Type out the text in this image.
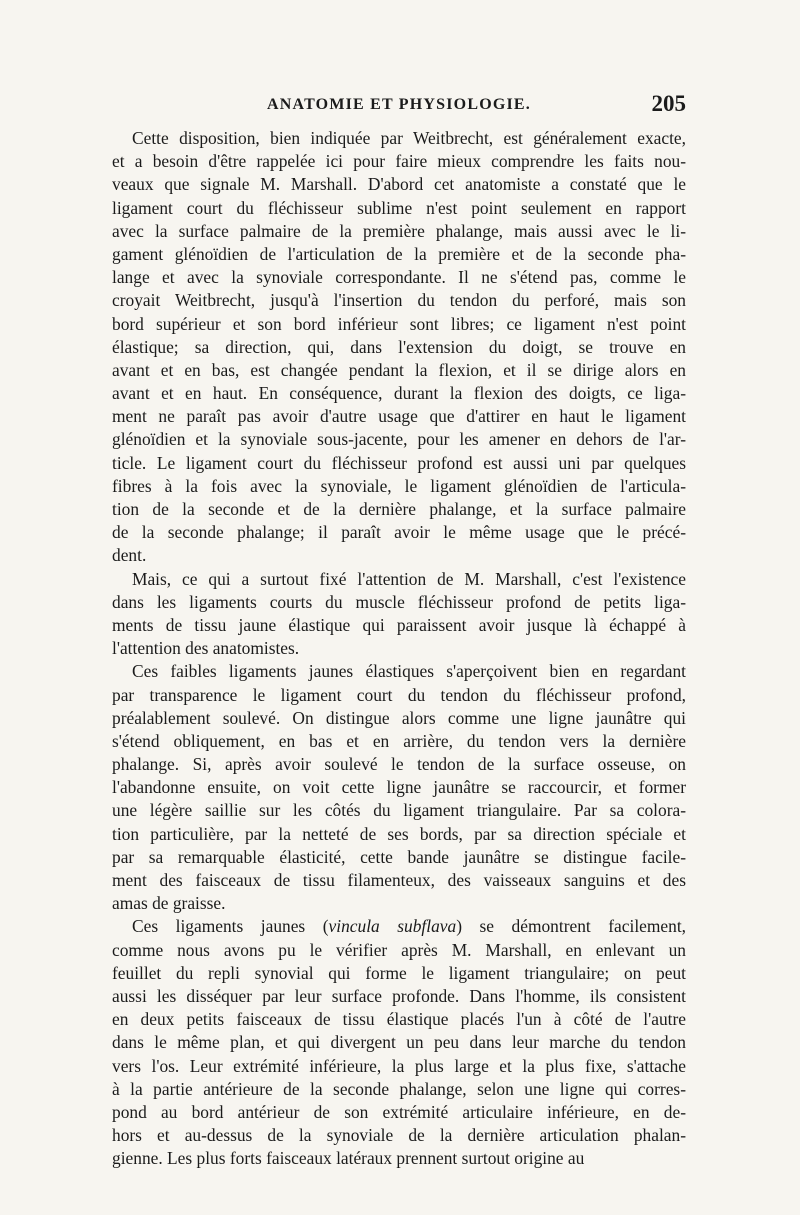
ANATOMIE ET PHYSIOLOGIE.	205
Cette disposition, bien indiquée par Weitbrecht, est généralement exacte,
et a besoin d'être rappelée ici pour faire mieux comprendre les faits nou-
veaux que signale M. Marshall. D'abord cet anatomiste a constaté que le
ligament court du fléchisseur sublime n'est point seulement en rapport
avec la surface palmaire de la première phalange, mais aussi avec le li-
gament glénoïdien de l'articulation de la première et de la seconde pha-
lange et avec la synoviale correspondante. Il ne s'étend pas, comme le
croyait Weitbrecht, jusqu'à l'insertion du tendon du perforé, mais son
bord supérieur et son bord inférieur sont libres; ce ligament n'est point
élastique; sa direction, qui, dans l'extension du doigt, se trouve en
avant et en bas, est changée pendant la flexion, et il se dirige alors en
avant et en haut. En conséquence, durant la flexion des doigts, ce liga-
ment ne paraît pas avoir d'autre usage que d'attirer en haut le ligament
glénoïdien et la synoviale sous-jacente, pour les amener en dehors de l'ar-
ticle. Le ligament court du fléchisseur profond est aussi uni par quelques
fibres à la fois avec la synoviale, le ligament glénoïdien de l'articula-
tion de la seconde et de la dernière phalange, et la surface palmaire
de la seconde phalange; il paraît avoir le même usage que le précé-
dent.
Mais, ce qui a surtout fixé l'attention de M. Marshall, c'est l'existence
dans les ligaments courts du muscle fléchisseur profond de petits liga-
ments de tissu jaune élastique qui paraissent avoir jusque là échappé à
l'attention des anatomistes.
Ces faibles ligaments jaunes élastiques s'aperçoivent bien en regardant
par transparence le ligament court du tendon du fléchisseur profond,
préalablement soulevé. On distingue alors comme une ligne jaunâtre qui
s'étend obliquement, en bas et en arrière, du tendon vers la dernière
phalange. Si, après avoir soulevé le tendon de la surface osseuse, on
l'abandonne ensuite, on voit cette ligne jaunâtre se raccourcir, et former
une légère saillie sur les côtés du ligament triangulaire. Par sa colora-
tion particulière, par la netteté de ses bords, par sa direction spéciale et
par sa remarquable élasticité, cette bande jaunâtre se distingue facile-
ment des faisceaux de tissu filamenteux, des vaisseaux sanguins et des
amas de graisse.
Ces ligaments jaunes (vincula subflava) se démontrent facilement,
comme nous avons pu le vérifier après M. Marshall, en enlevant un
feuillet du repli synovial qui forme le ligament triangulaire; on peut
aussi les disséquer par leur surface profonde. Dans l'homme, ils consistent
en deux petits faisceaux de tissu élastique placés l'un à côté de l'autre
dans le même plan, et qui divergent un peu dans leur marche du tendon
vers l'os. Leur extrémité inférieure, la plus large et la plus fixe, s'attache
à la partie antérieure de la seconde phalange, selon une ligne qui corres-
pond au bord antérieur de son extrémité articulaire inférieure, en de-
hors et au-dessus de la synoviale de la dernière articulation phalan-
gienne. Les plus forts faisceaux latéraux prennent surtout origine au
